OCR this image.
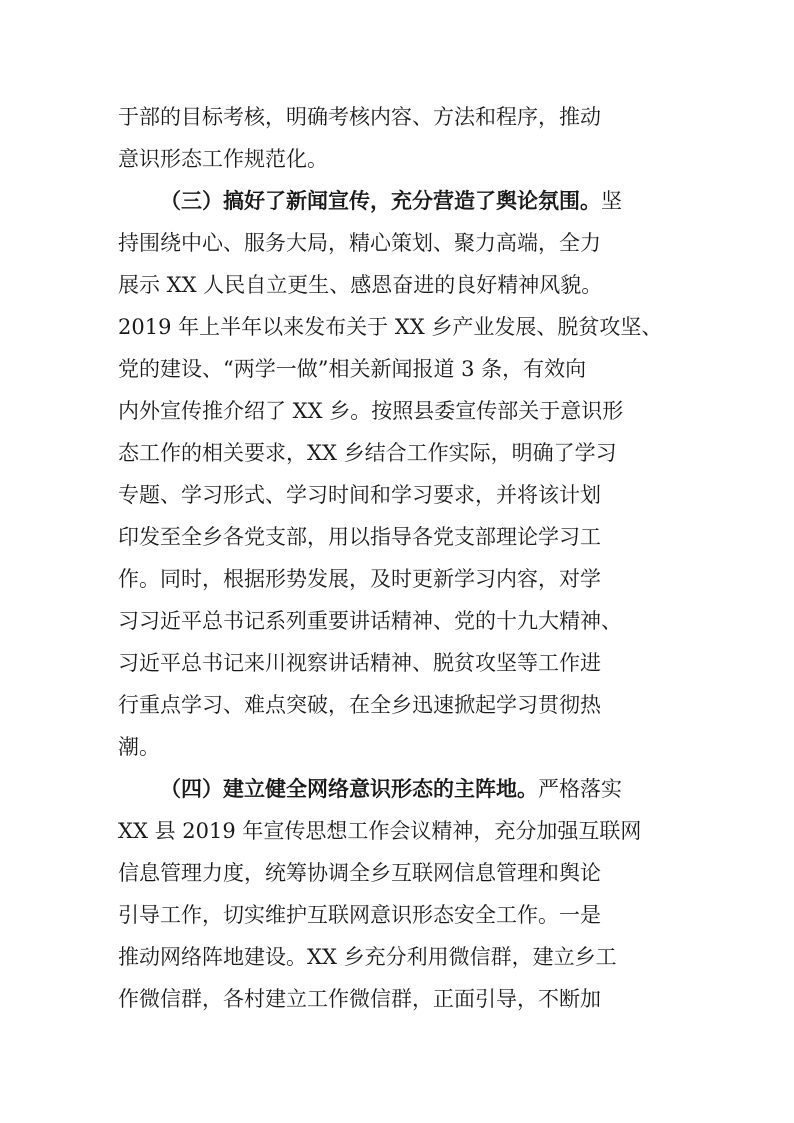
于部的目标考核，明确考核内容、方法和程序，推动
意识形态工作规范化。
（三）搞好了新闻宣传，充分营造了舆论氛围。坚
持围绕中心、服务大局，精心策划、聚力高端，全力
展示 XX 人民自立更生、感恩奋进的良好精神风貌。
2019 年上半年以来发布关于 XX 乡产业发展、脱贫攻坚、
党的建设、“两学一做”相关新闻报道 3 条，有效向
内外宣传推介绍了 XX 乡。按照县委宣传部关于意识形
态工作的相关要求，XX 乡结合工作实际，明确了学习
专题、学习形式、学习时间和学习要求，并将该计划
印发至全乡各党支部，用以指导各党支部理论学习工
作。同时，根据形势发展，及时更新学习内容，对学
习习近平总书记系列重要讲话精神、党的十九大精神、
习近平总书记来川视察讲话精神、脱贫攻坚等工作进
行重点学习、难点突破，在全乡迅速掀起学习贯彻热
潮。
（四）建立健全网络意识形态的主阵地。严格落实
XX 县 2019 年宣传思想工作会议精神，充分加强互联网
信息管理力度，统筹协调全乡互联网信息管理和舆论
引导工作，切实维护互联网意识形态安全工作。一是
推动网络阵地建设。XX 乡充分利用微信群，建立乡工
作微信群，各村建立工作微信群，正面引导，不断加
